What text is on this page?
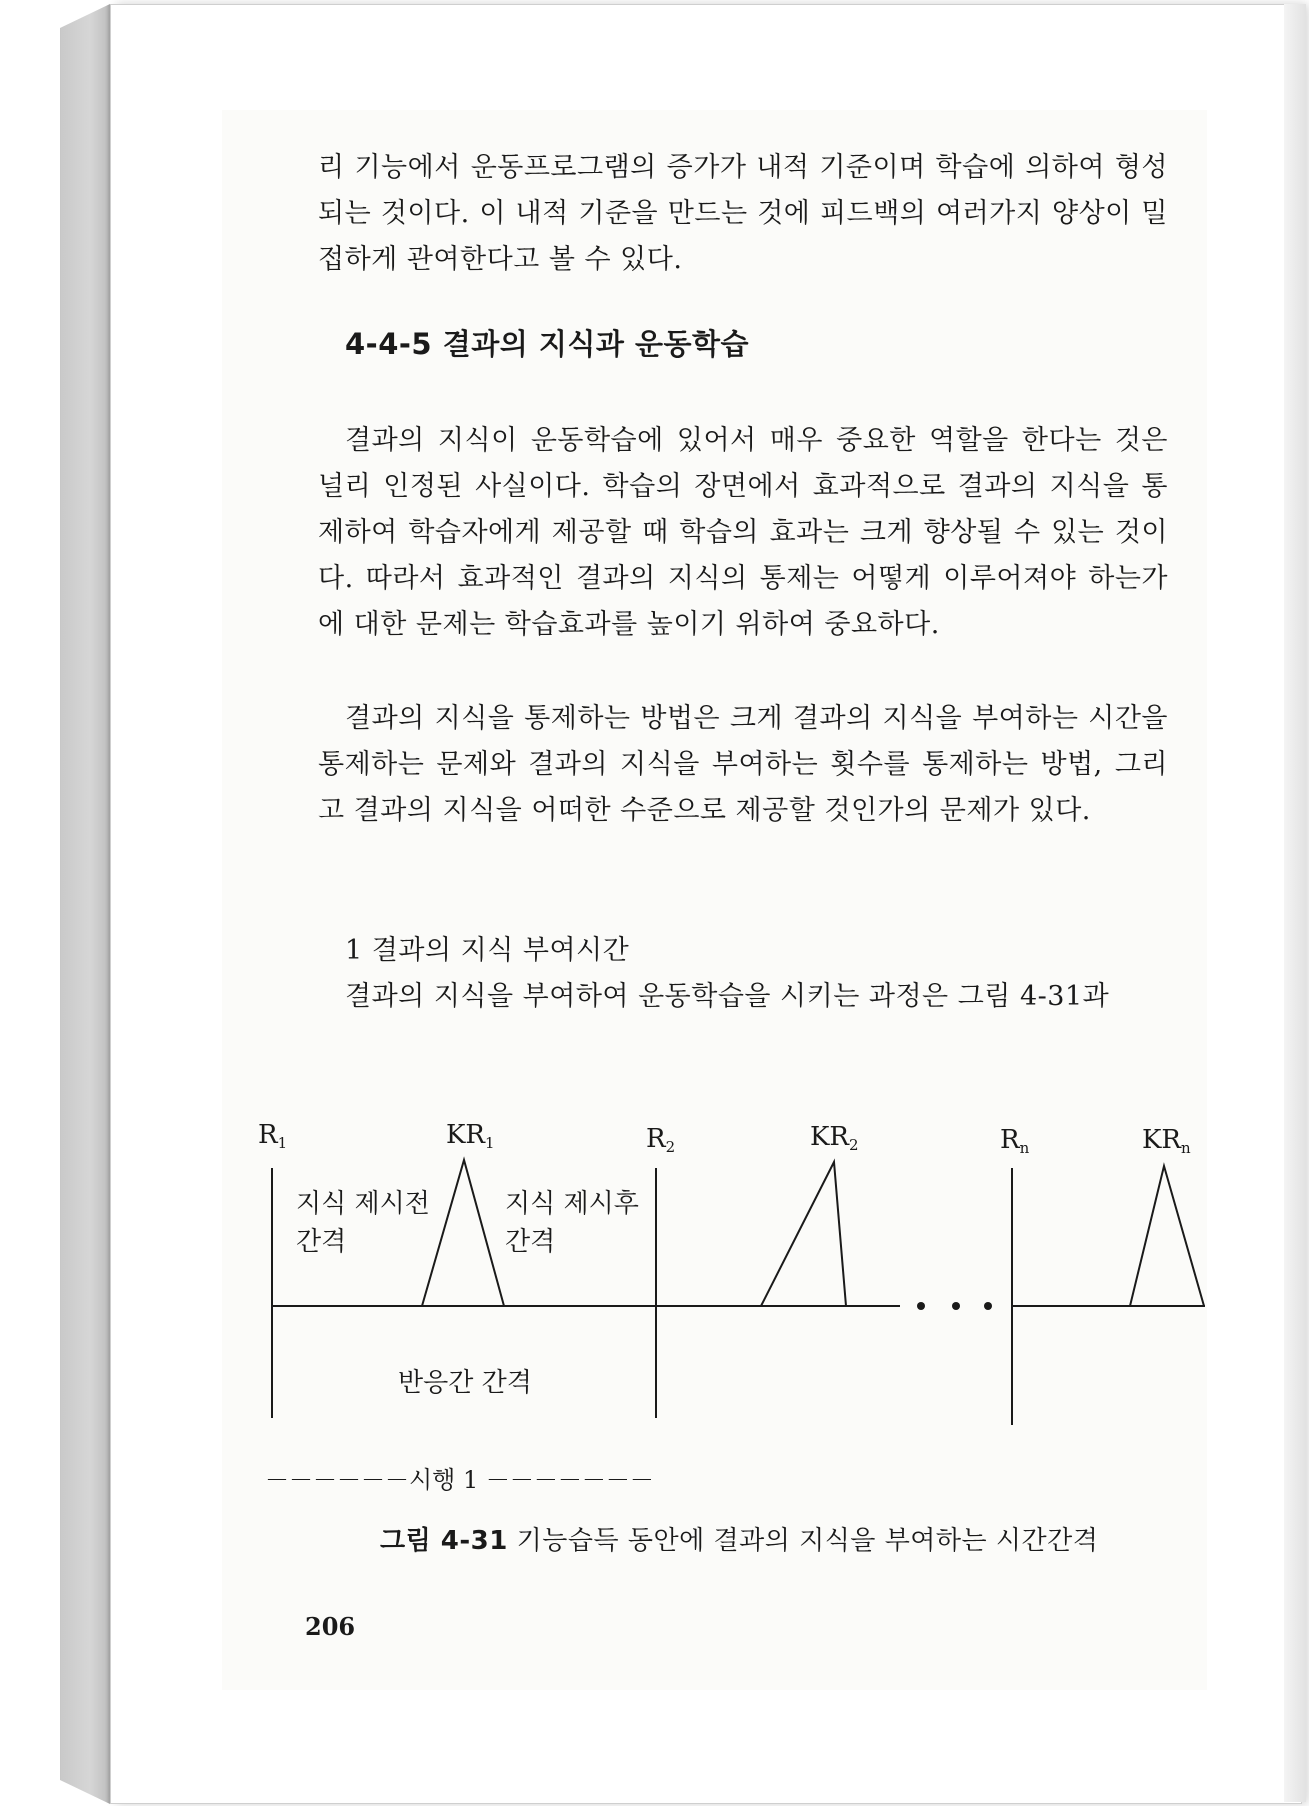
리 기능에서 운동프로그램의 증가가 내적 기준이며 학습에 의하여 형성되는 것이다. 이 내적 기준을 만드는 것에 피드백의 여러가지 양상이 밀접하게 관여한다고 볼 수 있다.
4-4-5 결과의 지식과 운동학습
결과의 지식이 운동학습에 있어서 매우 중요한 역할을 한다는 것은 널리 인정된 사실이다. 학습의 장면에서 효과적으로 결과의 지식을 통제하여 학습자에게 제공할 때 학습의 효과는 크게 향상될 수 있는 것이다. 따라서 효과적인 결과의 지식의 통제는 어떻게 이루어져야 하는가에 대한 문제는 학습효과를 높이기 위하여 중요하다.
결과의 지식을 통제하는 방법은 크게 결과의 지식을 부여하는 시간을 통제하는 문제와 결과의 지식을 부여하는 횟수를 통제하는 방법, 그리고 결과의 지식을 어떠한 수준으로 제공할 것인가의 문제가 있다.
1 결과의 지식 부여시간
결과의 지식을 부여하여 운동학습을 시키는 과정은 그림 4-31과
R1	KR1	R2	KR2	Rn	KRn
지식 제시전
간격
지식 제시후
간격
반응간 간격
－－－－－－시행 1 －－－－－－－
그림 4-31 기능습득 동안에 결과의 지식을 부여하는 시간간격
206
